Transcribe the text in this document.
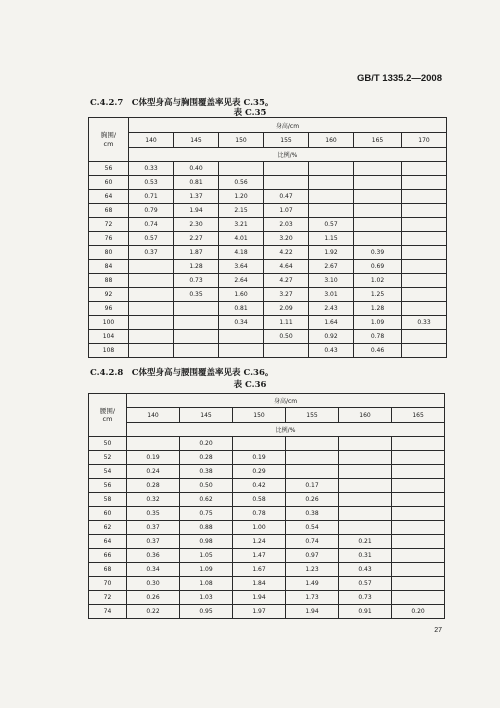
GB/T 1335.2—2008
C.4.2.7　C体型身高与胸围覆盖率见表 C.35。
表 C.35
胸围/
cm	身高/cm						
	140	145	150	155	160	165	170
	比例/%						
56	0.33	0.40					
60	0.53	0.81	0.56				
64	0.71	1.37	1.20	0.47			
68	0.79	1.94	2.15	1.07			
72	0.74	2.30	3.21	2.03	0.57		
76	0.57	2.27	4.01	3.20	1.15		
80	0.37	1.87	4.18	4.22	1.92	0.39	
84		1.28	3.64	4.64	2.67	0.69	
88		0.73	2.64	4.27	3.10	1.02	
92		0.35	1.60	3.27	3.01	1.25	
96			0.81	2.09	2.43	1.28	
100			0.34	1.11	1.64	1.09	0.33
104				0.50	0.92	0.78	
108					0.43	0.46	
C.4.2.8　C体型身高与腰围覆盖率见表 C.36。
表 C.36
腰围/
cm	身高/cm					
	140	145	150	155	160	165
	比例/%					
50		0.20				
52	0.19	0.28	0.19			
54	0.24	0.38	0.29			
56	0.28	0.50	0.42	0.17		
58	0.32	0.62	0.58	0.26		
60	0.35	0.75	0.78	0.38		
62	0.37	0.88	1.00	0.54		
64	0.37	0.98	1.24	0.74	0.21	
66	0.36	1.05	1.47	0.97	0.31	
68	0.34	1.09	1.67	1.23	0.43	
70	0.30	1.08	1.84	1.49	0.57	
72	0.26	1.03	1.94	1.73	0.73	
74	0.22	0.95	1.97	1.94	0.91	0.20
27
